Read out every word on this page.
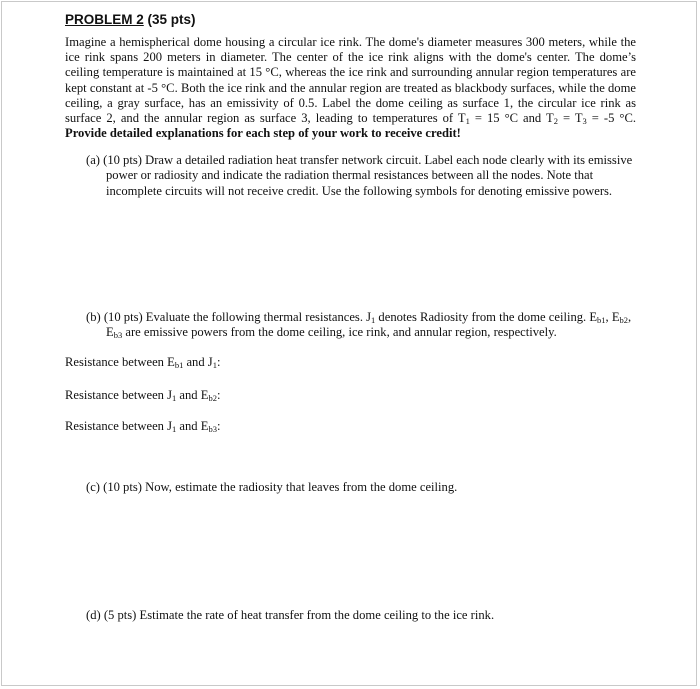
PROBLEM 2 (35 pts)
Imagine a hemispherical dome housing a circular ice rink. The dome's diameter measures 300 meters, while the ice rink spans 200 meters in diameter. The center of the ice rink aligns with the dome's center. The dome’s ceiling temperature is maintained at 15 °C, whereas the ice rink and surrounding annular region temperatures are kept constant at -5 °C. Both the ice rink and the annular region are treated as blackbody surfaces, while the dome ceiling, a gray surface, has an emissivity of 0.5. Label the dome ceiling as surface 1, the circular ice rink as surface 2, and the annular region as surface 3, leading to temperatures of $T_1 = 15$ °C and $T_2 = T_3 = -5$ °C. Provide detailed explanations for each step of your work to receive credit!
(a) (10 pts) Draw a detailed radiation heat transfer network circuit. Label each node clearly with its emissive power or radiosity and indicate the radiation thermal resistances between all the nodes. Note that incomplete circuits will not receive credit. Use the following symbols for denoting emissive powers.
(b) (10 pts) Evaluate the following thermal resistances. $J_1$ denotes Radiosity from the dome ceiling. $E_{b1}$, $E_{b2}$, $E_{b3}$ are emissive powers from the dome ceiling, ice rink, and annular region, respectively.
Resistance between $E_{b1}$ and $J_1$:
Resistance between $J_1$ and $E_{b2}$:
Resistance between $J_1$ and $E_{b3}$:
(c) (10 pts) Now, estimate the radiosity that leaves from the dome ceiling.
(d) (5 pts) Estimate the rate of heat transfer from the dome ceiling to the ice rink.
